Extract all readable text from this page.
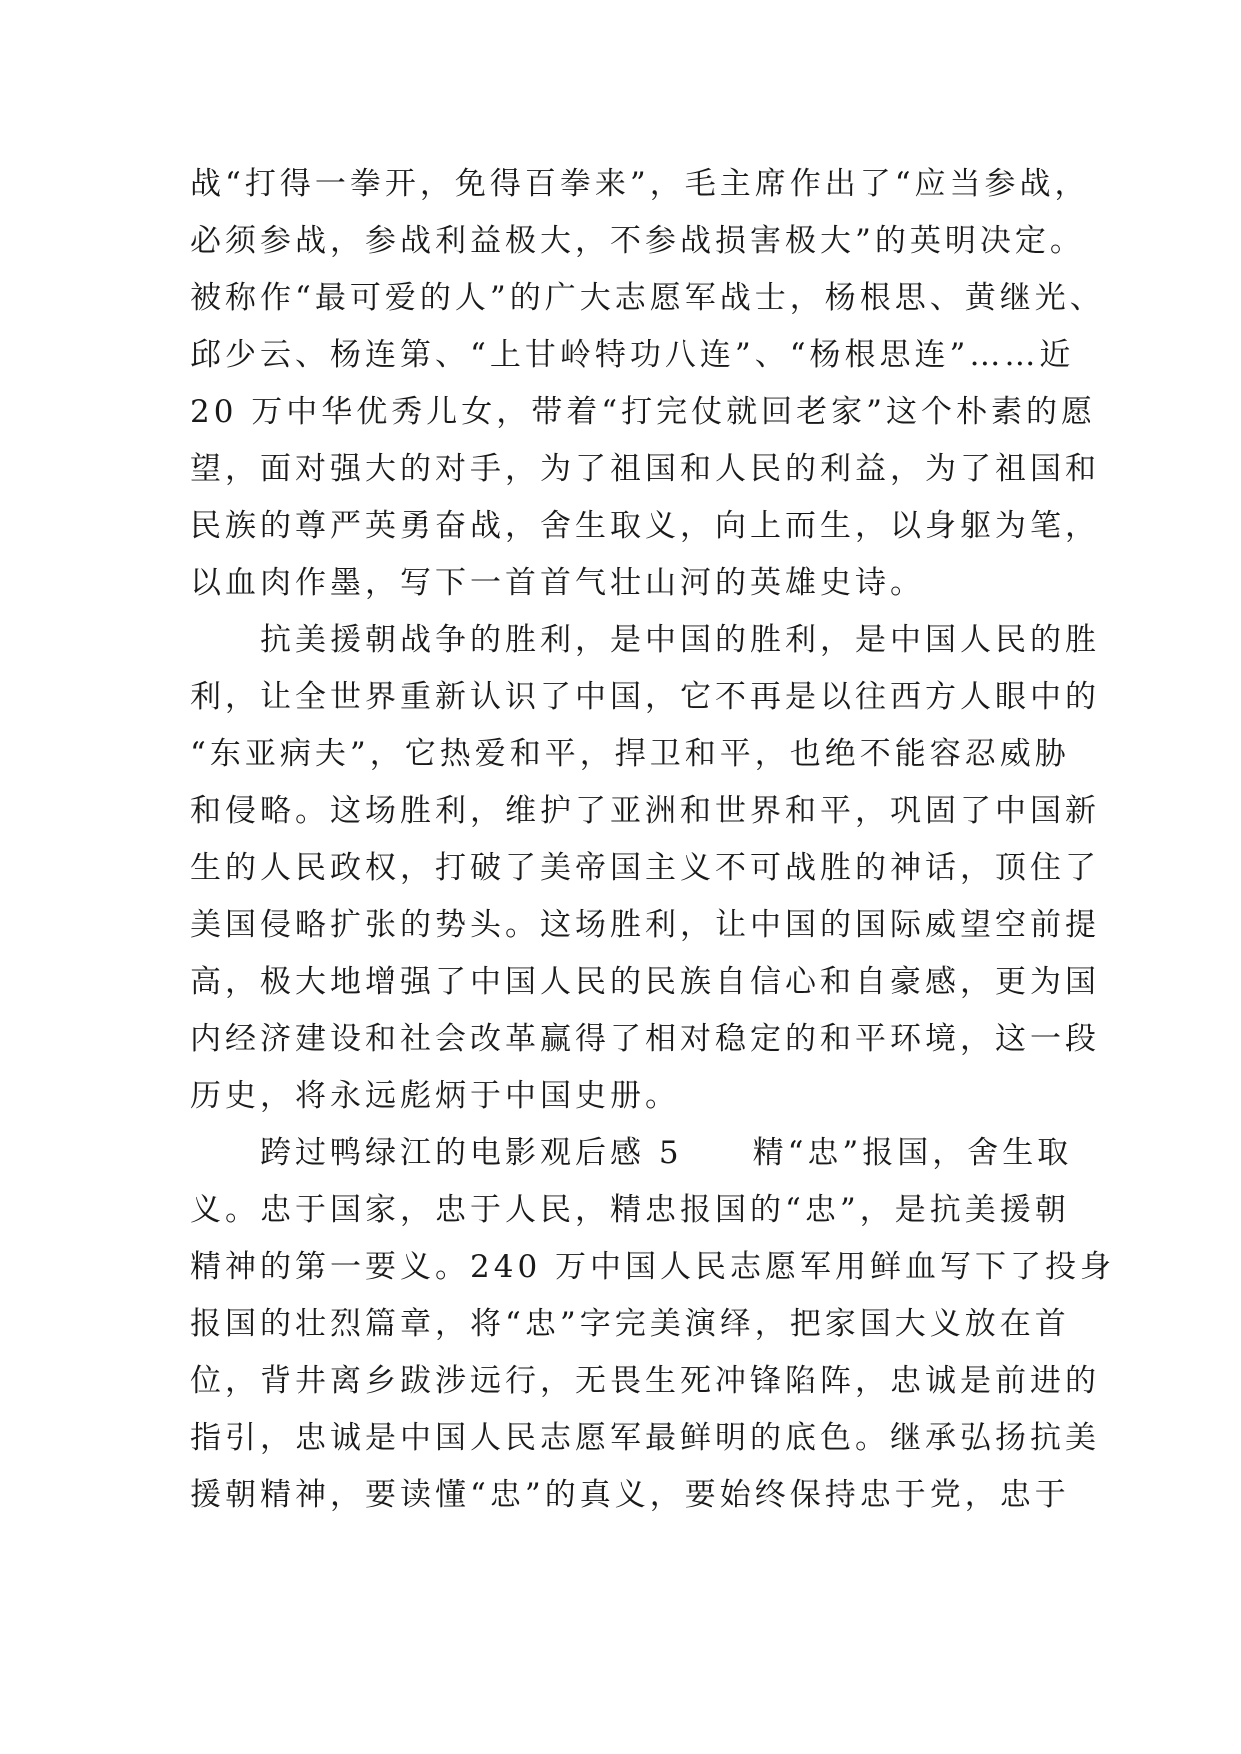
战“打得一拳开，免得百拳来”，毛主席作出了“应当参战，
必须参战，参战利益极大，不参战损害极大”的英明决定。
被称作“最可爱的人”的广大志愿军战士，杨根思、黄继光、
邱少云、杨连第、“上甘岭特功八连”、“杨根思连”……近
20 万中华优秀儿女，带着“打完仗就回老家”这个朴素的愿
望，面对强大的对手，为了祖国和人民的利益，为了祖国和
民族的尊严英勇奋战，舍生取义，向上而生，以身躯为笔，
以血肉作墨，写下一首首气壮山河的英雄史诗。
　　抗美援朝战争的胜利，是中国的胜利，是中国人民的胜
利，让全世界重新认识了中国，它不再是以往西方人眼中的
“东亚病夫”，它热爱和平，捍卫和平，也绝不能容忍威胁
和侵略。这场胜利，维护了亚洲和世界和平，巩固了中国新
生的人民政权，打破了美帝国主义不可战胜的神话，顶住了
美国侵略扩张的势头。这场胜利，让中国的国际威望空前提
高，极大地增强了中国人民的民族自信心和自豪感，更为国
内经济建设和社会改革赢得了相对稳定的和平环境，这一段
历史，将永远彪炳于中国史册。
　　跨过鸭绿江的电影观后感 5　　精“忠”报国，舍生取
义。忠于国家，忠于人民，精忠报国的“忠”，是抗美援朝
精神的第一要义。240 万中国人民志愿军用鲜血写下了投身
报国的壮烈篇章，将“忠”字完美演绎，把家国大义放在首
位，背井离乡跋涉远行，无畏生死冲锋陷阵，忠诚是前进的
指引，忠诚是中国人民志愿军最鲜明的底色。继承弘扬抗美
援朝精神，要读懂“忠”的真义，要始终保持忠于党，忠于
